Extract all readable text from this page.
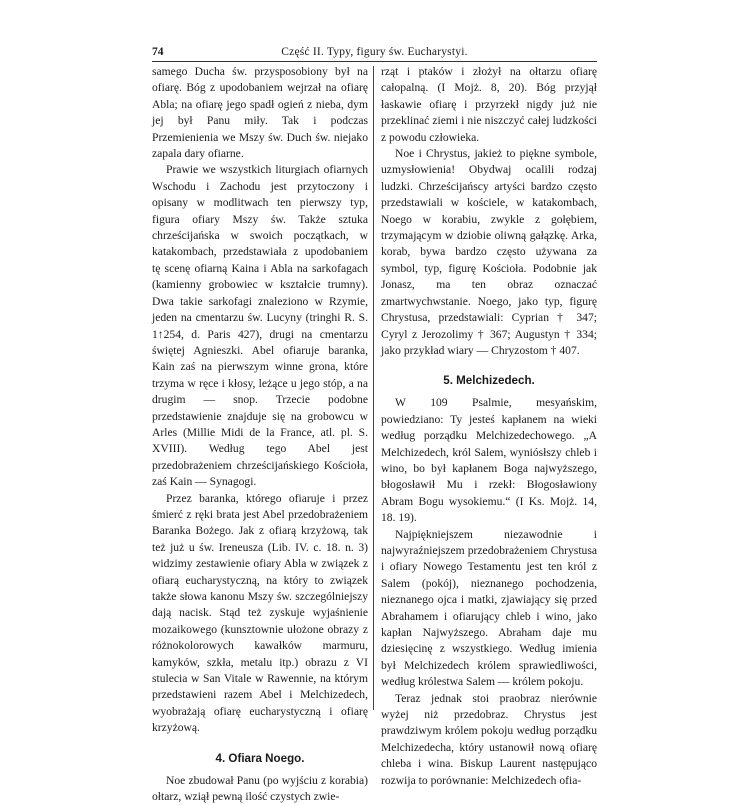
74	Część II. Typy, figury św. Eucharystyi.

samego Ducha św. przysposobiony był na ofiarę. Bóg z upodobaniem wejrzał na ofiarę Abla; na ofiarę jego spadł ogień z nieba, dym jej był Panu miły. Tak i podczas Przemienienia we Mszy św. Duch św. niejako zapala dary ofiarne.

Prawie we wszystkich liturgiach ofiarnych Wschodu i Zachodu jest przytoczony i opisany w modlitwach ten pierwszy typ, figura ofiary Mszy św. Także sztuka chrześcijańska w swoich początkach, w katakombach, przedstawiała z upodobaniem tę scenę ofiarną Kaina i Abla na sarkofagach (kamienny grobowiec w kształcie trumny). Dwa takie sarkofagi znaleziono w Rzymie, jeden na cmentarzu św. Lucyny (tringhi R. S. 1↑254, d. Paris 427), drugi na cmentarzu świętej Agnieszki. Abel ofiaruje baranka, Kain zaś na pierwszym winne grona, które trzyma w ręce i kłosy, leżące u jego stóp, a na drugim — snop. Trzecie podobne przedstawienie znajduje się na grobowcu w Arles (Millie Midi de la France, atl. pl. S. XVIII). Według tego Abel jest przedobrażeniem chrześcijańskiego Kościoła, zaś Kain — Synagogi.

Przez baranka, którego ofiaruje i przez śmierć z ręki brata jest Abel przedobrażeniem Baranka Bożego. Jak z ofiarą krzyżową, tak też już u św. Ireneusza (Lib. IV. c. 18. n. 3) widzimy zestawienie ofiary Abla w związek z ofiarą eucharystyczną, na który to związek także słowa kanonu Mszy św. szczególniejszy dają nacisk. Stąd też zyskuje wyjaśnienie mozaikowego (kunsztownie ułożone obrazy z różnokolorowych kawałków marmuru, kamyków, szkła, metalu itp.) obrazu z VI stulecia w San Vitale w Rawennie, na którym przedstawieni razem Abel i Melchizedech, wyobrażają ofiarę eucharystyczną i ofiarę krzyżową.

4. Ofiara Noego.

Noe zbudował Panu (po wyjściu z korabia) ołtarz, wziął pewną ilość czystych zwie-

rząt i ptaków i złożył na ołtarzu ofiarę całopalną. (I Mojż. 8, 20). Bóg przyjął łaskawie ofiarę i przyrzekł nigdy już nie przeklinać ziemi i nie niszczyć całej ludzkości z powodu człowieka.

Noe i Chrystus, jakież to piękne symbole, uzmysłowienia! Obydwaj ocalili rodzaj ludzki. Chrześcijańscy artyści bardzo często przedstawiali w kościele, w katakombach, Noego w korabiu, zwykle z gołębiem, trzymającym w dziobie oliwną gałązkę. Arka, korab, bywa bardzo często używana za symbol, typ, figurę Kościoła. Podobnie jak Jonasz, ma ten obraz oznaczać zmartwychwstanie. Noego, jako typ, figurę Chrystusa, przedstawiali: Cyprian † 347; Cyryl z Jerozolimy † 367; Augustyn † 334; jako przykład wiary — Chryzostom † 407.

5. Melchizedech.

W 109 Psalmie, mesyańskim, powiedziano: Ty jesteś kapłanem na wieki według porządku Melchizedechowego. „A Melchizedech, król Salem, wyniósłszy chleb i wino, bo był kapłanem Boga najwyższego, błogosławił Mu i rzekł: Błogosławiony Abram Bogu wysokiemu.“ (I Ks. Mojż. 14, 18. 19).

Najpiękniejszem niezawodnie i najwyraźniejszem przedobrażeniem Chrystusa i ofiary Nowego Testamentu jest ten król z Salem (pokój), nieznanego pochodzenia, nieznanego ojca i matki, zjawiający się przed Abrahamem i ofiarujący chleb i wino, jako kapłan Najwyższego. Abraham daje mu dziesięcinę z wszystkiego. Według imienia był Melchizedech królem sprawiedliwości, według królestwa Salem — królem pokoju.

Teraz jednak stoi praobraz nierównie wyżej niż przedobraz. Chrystus jest prawdziwym królem pokoju według porządku Melchizedecha, który ustanowił nową ofiarę chleba i wina. Biskup Laurent następująco rozwija to porównanie: Melchizedech ofia-
